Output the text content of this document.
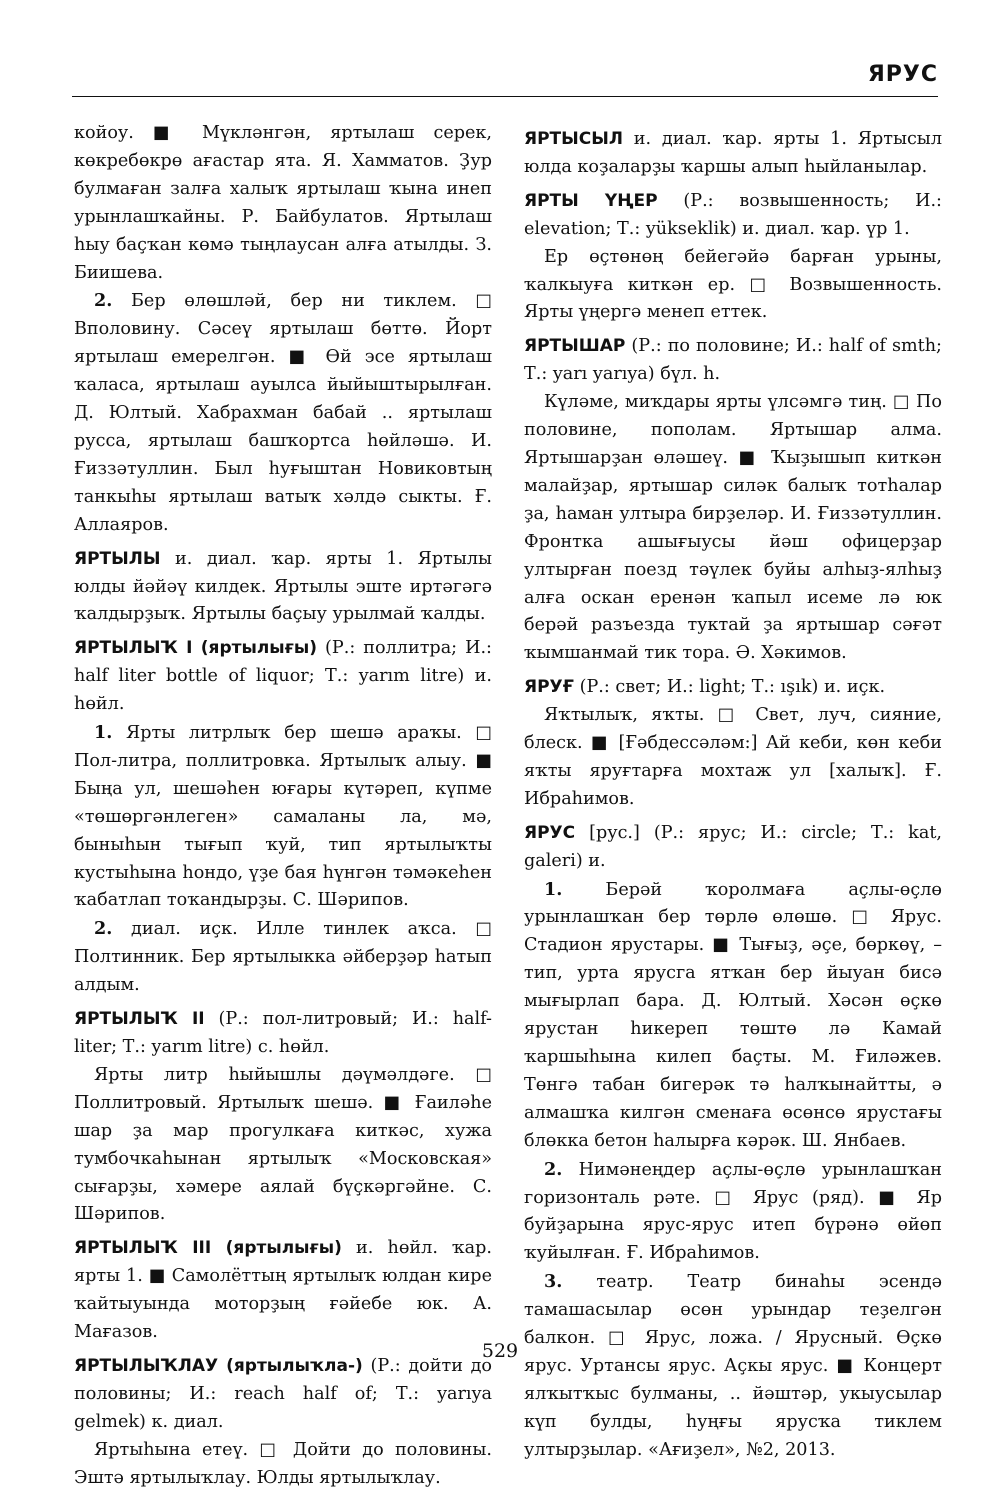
ЯРУС

койоу. ■ Мүкләнгән, яртылаш серек, көкребөкрө ағастар ята. Я. Хамматов. Ҙур булмаған залға халыҡ яртылаш ҡына инеп урынлашҡайны. Р. Байбулатов. Яртылаш һыу баҫҡан көмә тыңлаусан алға атылды. З. Биишева.

2. Бер өлөшләй, бер ни тиклем. □ Вполовину. Сәсеү яртылаш бөттө. Йорт яртылаш емерелгән. ■ Өй эсе яртылаш ҡаласа, яртылаш ауылса йыйыштырылған. Д. Юлтый. Хабрахман бабай .. яртылаш русса, яртылаш башҡортса һөйләшә. И. Ғиззәтуллин. Был һуғыштан Новиковтың танкыһы яртылаш ватыҡ хәлдә сыкты. Ғ. Аллаяров.

ЯРТЫЛЫ и. диал. ҡар. ярты 1. Яртылы юлды йәйәү килдек. Яртылы эште иртәгәгә ҡалдырҙыҡ. Яртылы баҫыу урылмай ҡалды.

ЯРТЫЛЫҠ I (яртылығы) (Р.: поллитра; И.: half liter bottle of liquor; Т.: yarım litre) и. һөйл.

1. Ярты литрлыҡ бер шешә араҡы. □ Пол-литра, поллитровка. Яртылыҡ алыу. ■ Быңа ул, шешәһен юғары күтәреп, күпме «төшөргәнлеген» самаланы ла, мә, быныһын тығып ҡуй, тип яртылыҡты кустыһына һондо, үҙе бая һүнгән тәмәкеһен ҡабатлап тоҡандырҙы. С. Шәрипов.

2. диал. иҫк. Илле тинлек аҡса. □ Полтинник. Бер яртылыкка әйберҙәр һатып алдым.

ЯРТЫЛЫҠ II (Р.: пол-литровый; И.: half-liter; Т.: yarım litre) с. һөйл.

Ярты литр һыйышлы дәүмәлдәге. □ Поллитровый. Яртылыҡ шешә. ■ Ғаиләһе шар ҙа мар прогулкаға киткәс, хужа тумбочкаһынан яртылыҡ «Московская» сығарҙы, хәмере аялай бүҫкәргәйне. С. Шәрипов.

ЯРТЫЛЫҠ III (яртылығы) и. һөйл. ҡар. ярты 1. ■ Самолёттың яртылыҡ юлдан кире ҡайтыуында моторҙың ғәйебе юк. А. Мағазов.

ЯРТЫЛЫҠЛАУ (яртылыҡла-) (Р.: дойти до половины; И.: reach half of; Т.: yarıya gelmek) к. диал.

Яртыһына етеү. □ Дойти до половины. Эштә яртылыҡлау. Юлды яртылыҡлау.

ЯРТЫСЫЛ и. диал. ҡар. ярты 1. Яртысыл юлда коҙаларҙы ҡаршы алып һыйланылар.

ЯРТЫ ҮҢЕР (Р.: возвышенность; И.: elevation; Т.: yükseklik) и. диал. ҡар. үр 1.

Ер өҫтөнөң бейегәйә барған урыны, ҡалкыуға киткән ер. □ Возвышенность. Ярты үңергә менеп еттек.

ЯРТЫШАР (Р.: по половине; И.: half of smth; Т.: yarı yarıya) бүл. һ.

Күләме, миҡдары ярты үлсәмгә тиң. □ По половине, пополам. Яртышар алма. Яртышарҙан өләшеү. ■ Ҡыҙышып киткән малайҙар, яртышар силәк балыҡ тотһалар ҙа, һаман ултыра бирҙеләр. И. Ғиззәтуллин. Фронтка ашығыусы йәш офицерҙар ултырған поезд тәүлек буйы алһыҙ-ялһыҙ алға оскан еренән ҡапыл исеме лә юк берәй разъезда туктай ҙа яртышар сәғәт ҡымшанмай тик тора. Ә. Хәкимов.

ЯРУҒ (Р.: свет; И.: light; Т.: ışık) и. иҫк.

Яҡтылыҡ, яҡты. □ Свет, луч, сияние, блеск. ■ [Ғәбдессәләм:] Ай кеби, көн кеби яҡты яруғтарға мохтаж ул [халыҡ]. Ғ. Ибраһимов.

ЯРУС [рус.] (Р.: ярус; И.: circle; Т.: kat, galeri) и.

1. Берәй ҡоролмаға аҫлы-өҫлө урынлашҡан бер төрлө өлөшө. □ Ярус. Стадион ярустары. ■ Тығыҙ, әҫе, бөркөү, – тип, урта ярусга ятҡан бер йыуан бисә мығырлап бара. Д. Юлтый. Хәсән өҫкө ярустан һикереп төштө лә Камай ҡаршыһына килеп баҫты. М. Ғиләжев. Төнгә табан бигерәк тә һалҡынайтты, ә алмашҡа килгән сменаға өсөнсө ярустағы блөкка бетон һалырға кәрәк. Ш. Янбаев.

2. Нимәнеңдер аҫлы-өҫлө урынлашҡан горизонталь рәте. □ Ярус (ряд). ■ Яр буйҙарына ярус-ярус итеп бүрәнә өйөп ҡуйылған. Ғ. Ибраһимов.

3. театр. Театр бинаһы эсендә тамашасылар өсөн урындар теҙелгән балкон. □ Ярус, ложа. / Ярусный. Өҫкө ярус. Уртансы ярус. Аҫкы ярус. ■ Концерт ялҡытҡыс булманы, .. йәштәр, укыусылар күп булды, һуңғы ярусҡа тиклем ултырҙылар. «Ағиҙел», №2, 2013.

529
